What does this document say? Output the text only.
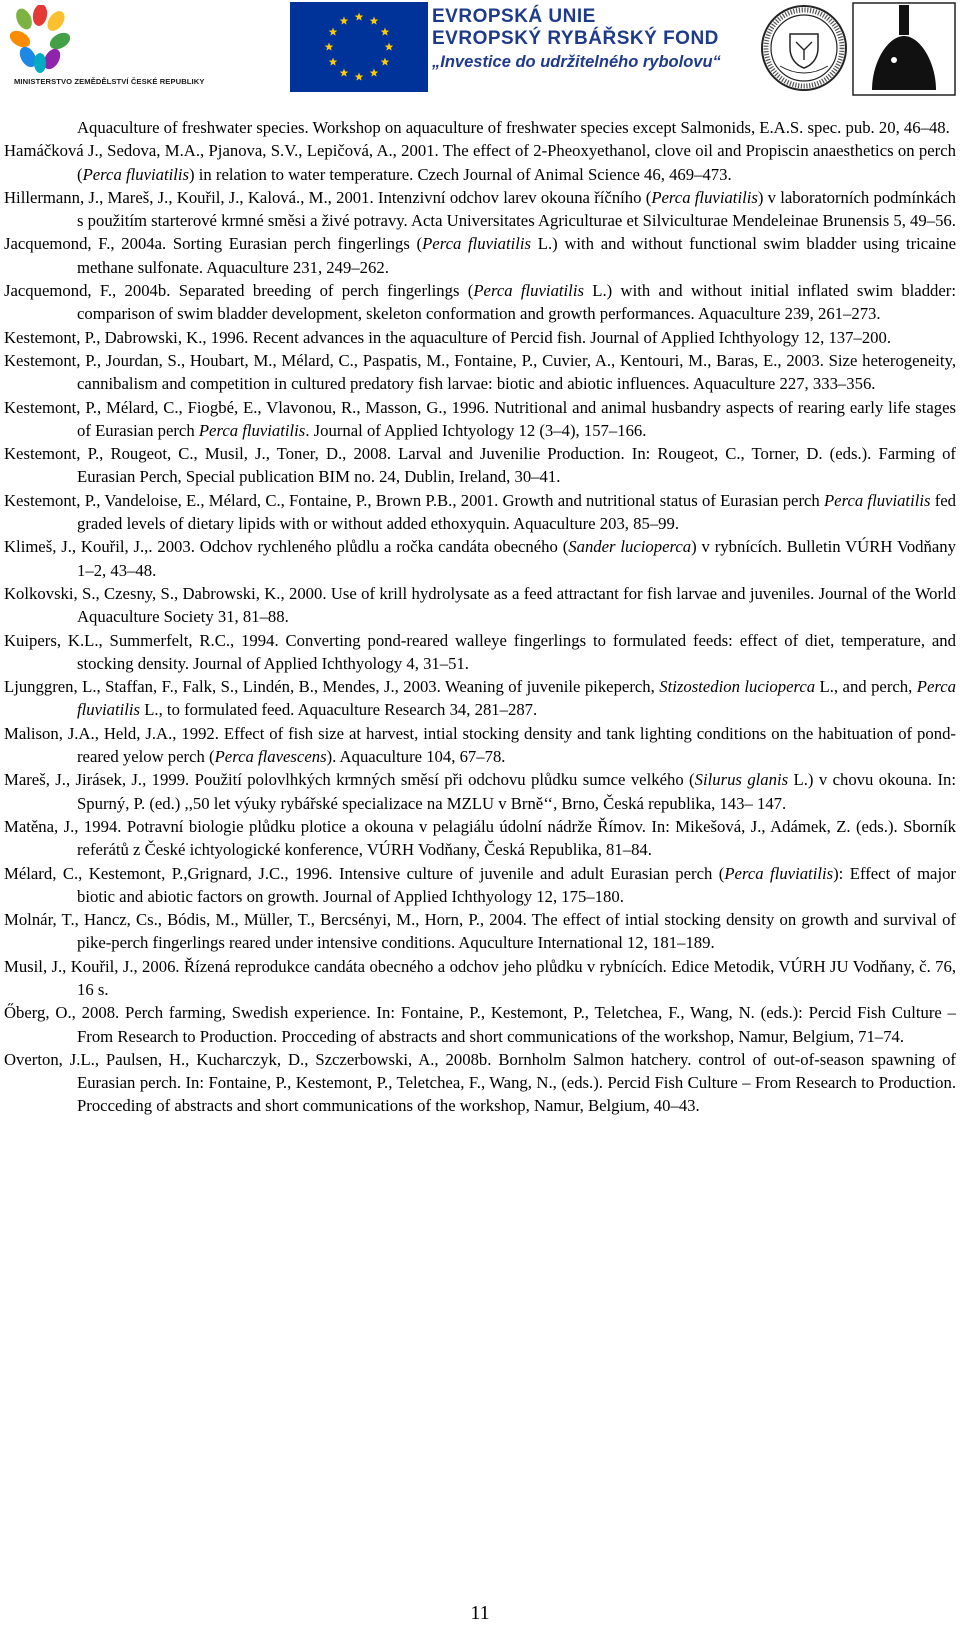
MINISTERSTVO ZEMĚDĚLSTVÍ ČESKÉ REPUBLIKY
EVROPSKÁ UNIE
EVROPSKÝ RYBÁŘSKÝ FOND
„Investice do udržitelného rybolovu“
Aquaculture of freshwater species. Workshop on aquaculture of freshwater species except Salmonids, E.A.S. spec. pub. 20, 46–48.
Hamáčková J., Sedova, M.A., Pjanova, S.V., Lepičová, A., 2001. The effect of 2-Pheoxyethanol, clove oil and Propiscin anaesthetics on perch (Perca fluviatilis) in relation to water temperature. Czech Journal of Animal Science 46, 469–473.
Hillermann, J., Mareš, J., Kouřil, J., Kalová., M., 2001. Intenzivní odchov larev okouna říčního (Perca fluviatilis) v laboratorních podmínkách s použitím starterové krmné směsi a živé potravy. Acta Universitates Agriculturae et Silviculturae Mendeleinae Brunensis 5, 49–56.
Jacquemond, F., 2004a. Sorting Eurasian perch fingerlings (Perca fluviatilis L.) with and without functional swim bladder using tricaine methane sulfonate. Aquaculture 231, 249–262.
Jacquemond, F., 2004b. Separated breeding of perch fingerlings (Perca fluviatilis L.) with and without initial inflated swim bladder: comparison of swim bladder development, skeleton conformation and growth performances. Aquaculture 239, 261–273.
Kestemont, P., Dabrowski, K., 1996. Recent advances in the aquaculture of Percid fish. Journal of Applied Ichthyology 12, 137–200.
Kestemont, P., Jourdan, S., Houbart, M., Mélard, C., Paspatis, M., Fontaine, P., Cuvier, A., Kentouri, M., Baras, E., 2003. Size heterogeneity, cannibalism and competition in cultured predatory fish larvae: biotic and abiotic influences. Aquaculture 227, 333–356.
Kestemont, P., Mélard, C., Fiogbé, E., Vlavonou, R., Masson, G., 1996. Nutritional and animal husbandry aspects of rearing early life stages of Eurasian perch Perca fluviatilis. Journal of Applied Ichtyology 12 (3–4), 157–166.
Kestemont, P., Rougeot, C., Musil, J., Toner, D., 2008. Larval and Juvenilie Production. In: Rougeot, C., Torner, D. (eds.). Farming of Eurasian Perch, Special publication BIM no. 24, Dublin, Ireland, 30–41.
Kestemont, P., Vandeloise, E., Mélard, C., Fontaine, P., Brown P.B., 2001. Growth and nutritional status of Eurasian perch Perca fluviatilis fed graded levels of dietary lipids with or without added ethoxyquin. Aquaculture 203, 85–99.
Klimeš, J., Kouřil, J.,. 2003. Odchov rychleného plůdlu a ročka candáta obecného (Sander lucioperca) v rybnících. Bulletin VÚRH Vodňany 1–2, 43–48.
Kolkovski, S., Czesny, S., Dabrowski, K., 2000. Use of krill hydrolysate as a feed attractant for fish larvae and juveniles. Journal of the World Aquaculture Society 31, 81–88.
Kuipers, K.L., Summerfelt, R.C., 1994. Converting pond-reared walleye fingerlings to formulated feeds: effect of diet, temperature, and stocking density. Journal of Applied Ichthyology 4, 31–51.
Ljunggren, L., Staffan, F., Falk, S., Lindén, B., Mendes, J., 2003. Weaning of juvenile pikeperch, Stizostedion lucioperca L., and perch, Perca fluviatilis L., to formulated feed. Aquaculture Research 34, 281–287.
Malison, J.A., Held, J.A., 1992. Effect of fish size at harvest, intial stocking density and tank lighting conditions on the habituation of pond-reared yelow perch (Perca flavescens). Aquaculture 104, 67–78.
Mareš, J., Jirásek, J., 1999. Použití polovlhkých krmných směsí při odchovu plůdku sumce velkého (Silurus glanis L.) v chovu okouna. In: Spurný, P. (ed.) ,,50 let výuky rybářské specializace na MZLU v Brně‘‘, Brno, Česká republika, 143– 147.
Matěna, J., 1994. Potravní biologie plůdku plotice a okouna v pelagiálu údolní nádrže Římov. In: Mikešová, J., Adámek, Z. (eds.). Sborník referátů z České ichtyologické konference, VÚRH Vodňany, Česká Republika, 81–84.
Mélard, C., Kestemont, P.,Grignard, J.C., 1996. Intensive culture of juvenile and adult Eurasian perch (Perca fluviatilis): Effect of major biotic and abiotic factors on growth. Journal of Applied Ichthyology 12, 175–180.
Molnár, T., Hancz, Cs., Bódis, M., Müller, T., Bercsényi, M., Horn, P., 2004. The effect of intial stocking density on growth and survival of pike-perch fingerlings reared under intensive conditions. Aquculture International 12, 181–189.
Musil, J., Kouřil, J., 2006. Řízená reprodukce candáta obecného a odchov jeho plůdku v rybnících. Edice Metodik, VÚRH JU Vodňany, č. 76, 16 s.
Őberg, O., 2008. Perch farming, Swedish experience. In: Fontaine, P., Kestemont, P., Teletchea, F., Wang, N. (eds.): Percid Fish Culture – From Research to Production. Procceding of abstracts and short communications of the workshop, Namur, Belgium, 71–74.
Overton, J.L., Paulsen, H., Kucharczyk, D., Szczerbowski, A., 2008b. Bornholm Salmon hatchery. control of out-of-season spawning of Eurasian perch. In: Fontaine, P., Kestemont, P., Teletchea, F., Wang, N., (eds.). Percid Fish Culture – From Research to Production. Procceding of abstracts and short communications of the workshop, Namur, Belgium, 40–43.
11
